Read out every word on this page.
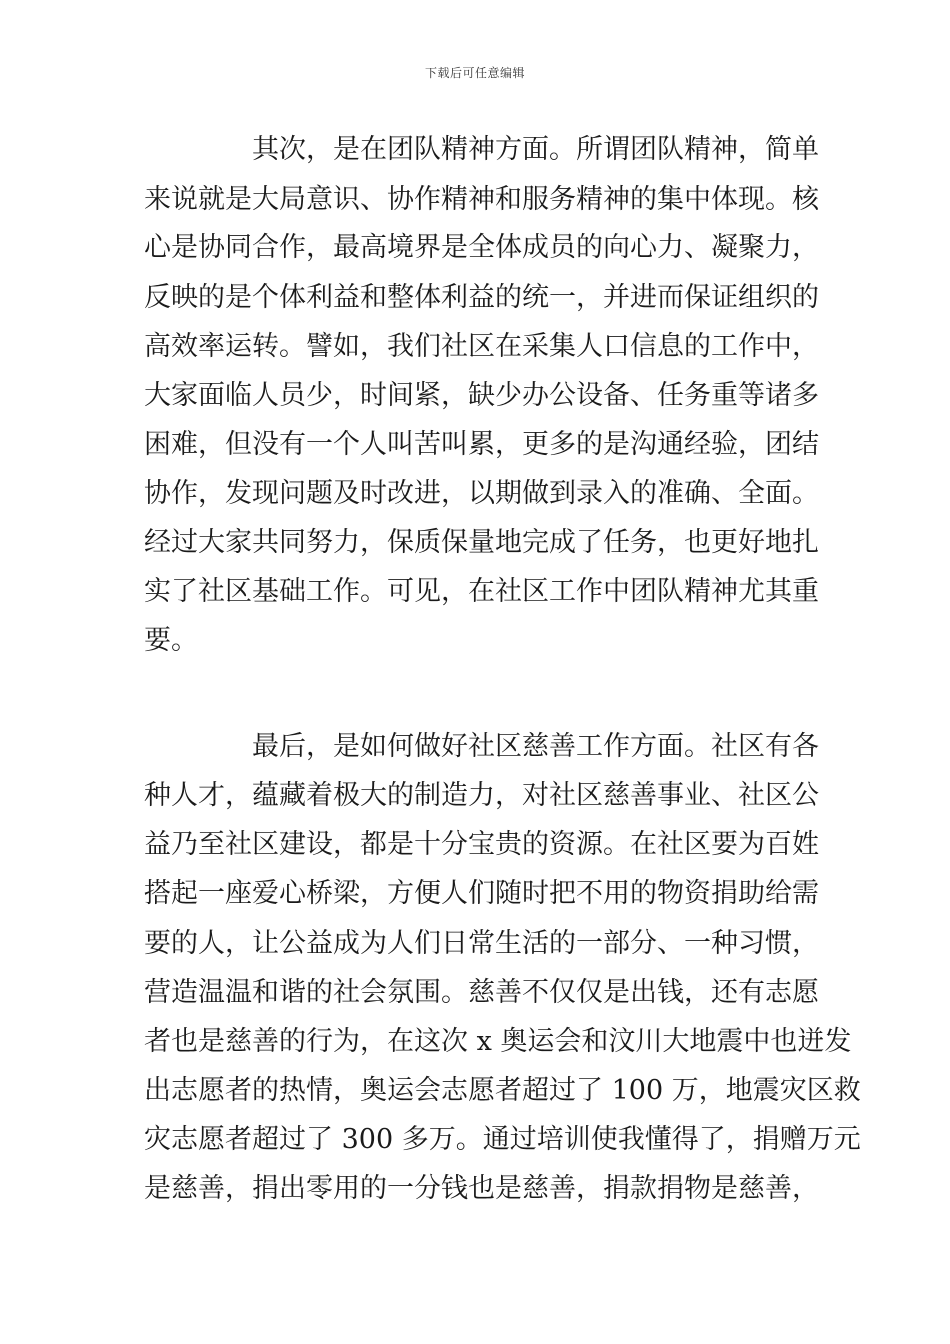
下载后可任意编辑
其次，是在团队精神方面。所谓团队精神，简单
来说就是大局意识、协作精神和服务精神的集中体现。核
心是协同合作，最高境界是全体成员的向心力、凝聚力，
反映的是个体利益和整体利益的统一，并进而保证组织的
高效率运转。譬如，我们社区在采集人口信息的工作中，
大家面临人员少，时间紧，缺少办公设备、任务重等诸多
困难，但没有一个人叫苦叫累，更多的是沟通经验，团结
协作，发现问题及时改进，以期做到录入的准确、全面。
经过大家共同努力，保质保量地完成了任务，也更好地扎
实了社区基础工作。可见，在社区工作中团队精神尤其重
要。
最后，是如何做好社区慈善工作方面。社区有各
种人才，蕴藏着极大的制造力，对社区慈善事业、社区公
益乃至社区建设，都是十分宝贵的资源。在社区要为百姓
搭起一座爱心桥梁，方便人们随时把不用的物资捐助给需
要的人，让公益成为人们日常生活的一部分、一种习惯，
营造温温和谐的社会氛围。慈善不仅仅是出钱，还有志愿
者也是慈善的行为，在这次 x 奥运会和汶川大地震中也迸发
出志愿者的热情，奥运会志愿者超过了 100 万，地震灾区救
灾志愿者超过了 300 多万。通过培训使我懂得了，捐赠万元
是慈善，捐出零用的一分钱也是慈善，捐款捐物是慈善，
